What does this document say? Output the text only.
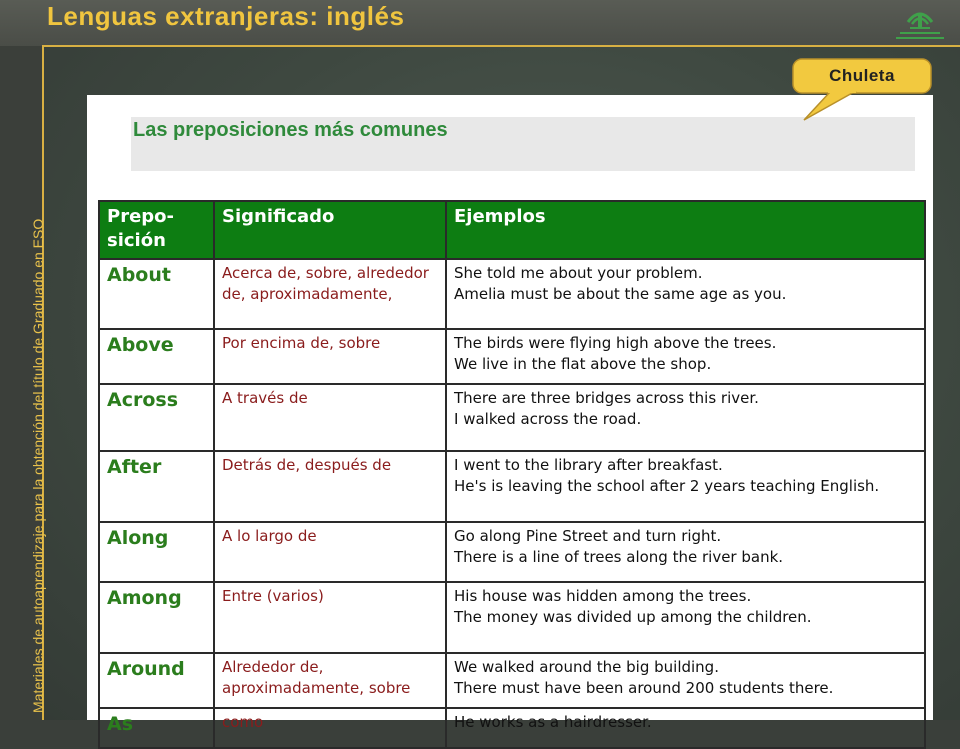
Lenguas extranjeras: inglés
Materiales de autoaprendizaje para la obtención del título de Graduado en ESO
Las preposiciones más comunes
Prepo-
sición	Significado	Ejemplos
About	Acerca de, sobre, alrededor de, aproximadamente,	She told me about your problem.
Amelia must be about the same age as you.

Above	Por encima de, sobre	The birds were flying high above the trees.
We live in the flat above the shop.

Across	A través de	There are three bridges across this river.
I walked across the road.

After	Detrás de, después de	I went to the library after breakfast.
He's is leaving the school after 2 years teaching English.

Along	A lo largo de	Go along Pine Street and turn right.
There is a line of trees along the river bank.

Among	Entre (varios)	His house was hidden among the trees.
The money was divided up among the children.

Around	Alrededor de, aproximadamente, sobre	We walked around the big building.
There must have been around 200 students there.

As	como	He works as a hairdresser.
Chuleta
